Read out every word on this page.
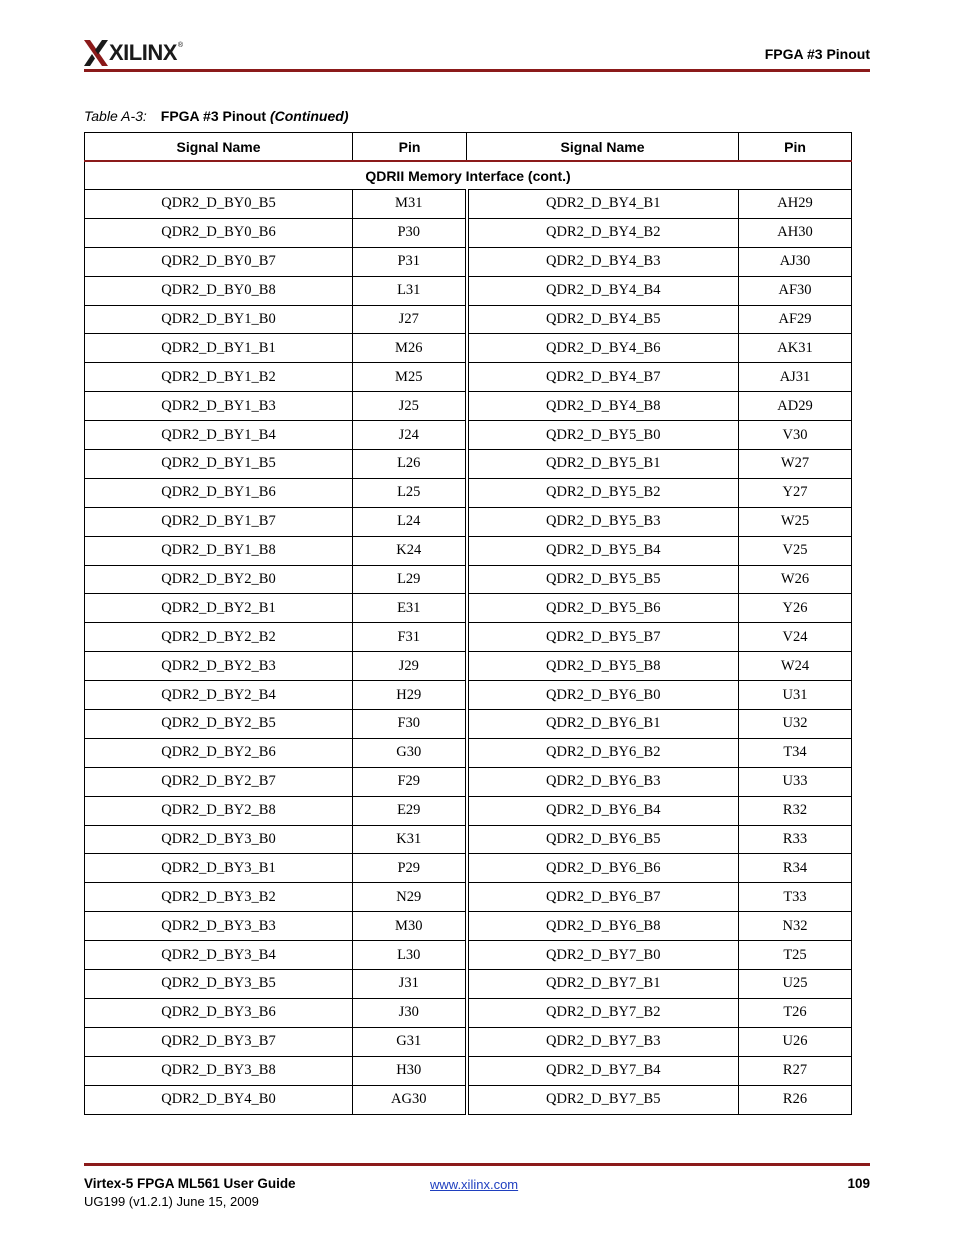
XILINX ®
FPGA #3 Pinout
Table A-3: FPGA #3 Pinout (Continued)
Signal Name	Pin	Signal Name	Pin
QDRII Memory Interface (cont.)			
QDR2_D_BY0_B5	M31	QDR2_D_BY4_B1	AH29
QDR2_D_BY0_B6	P30	QDR2_D_BY4_B2	AH30
QDR2_D_BY0_B7	P31	QDR2_D_BY4_B3	AJ30
QDR2_D_BY0_B8	L31	QDR2_D_BY4_B4	AF30
QDR2_D_BY1_B0	J27	QDR2_D_BY4_B5	AF29
QDR2_D_BY1_B1	M26	QDR2_D_BY4_B6	AK31
QDR2_D_BY1_B2	M25	QDR2_D_BY4_B7	AJ31
QDR2_D_BY1_B3	J25	QDR2_D_BY4_B8	AD29
QDR2_D_BY1_B4	J24	QDR2_D_BY5_B0	V30
QDR2_D_BY1_B5	L26	QDR2_D_BY5_B1	W27
QDR2_D_BY1_B6	L25	QDR2_D_BY5_B2	Y27
QDR2_D_BY1_B7	L24	QDR2_D_BY5_B3	W25
QDR2_D_BY1_B8	K24	QDR2_D_BY5_B4	V25
QDR2_D_BY2_B0	L29	QDR2_D_BY5_B5	W26
QDR2_D_BY2_B1	E31	QDR2_D_BY5_B6	Y26
QDR2_D_BY2_B2	F31	QDR2_D_BY5_B7	V24
QDR2_D_BY2_B3	J29	QDR2_D_BY5_B8	W24
QDR2_D_BY2_B4	H29	QDR2_D_BY6_B0	U31
QDR2_D_BY2_B5	F30	QDR2_D_BY6_B1	U32
QDR2_D_BY2_B6	G30	QDR2_D_BY6_B2	T34
QDR2_D_BY2_B7	F29	QDR2_D_BY6_B3	U33
QDR2_D_BY2_B8	E29	QDR2_D_BY6_B4	R32
QDR2_D_BY3_B0	K31	QDR2_D_BY6_B5	R33
QDR2_D_BY3_B1	P29	QDR2_D_BY6_B6	R34
QDR2_D_BY3_B2	N29	QDR2_D_BY6_B7	T33
QDR2_D_BY3_B3	M30	QDR2_D_BY6_B8	N32
QDR2_D_BY3_B4	L30	QDR2_D_BY7_B0	T25
QDR2_D_BY3_B5	J31	QDR2_D_BY7_B1	U25
QDR2_D_BY3_B6	J30	QDR2_D_BY7_B2	T26
QDR2_D_BY3_B7	G31	QDR2_D_BY7_B3	U26
QDR2_D_BY3_B8	H30	QDR2_D_BY7_B4	R27
QDR2_D_BY4_B0	AG30	QDR2_D_BY7_B5	R26
Virtex-5 FPGA ML561 User Guide
UG199 (v1.2.1) June 15, 2009
www.xilinx.com	109
